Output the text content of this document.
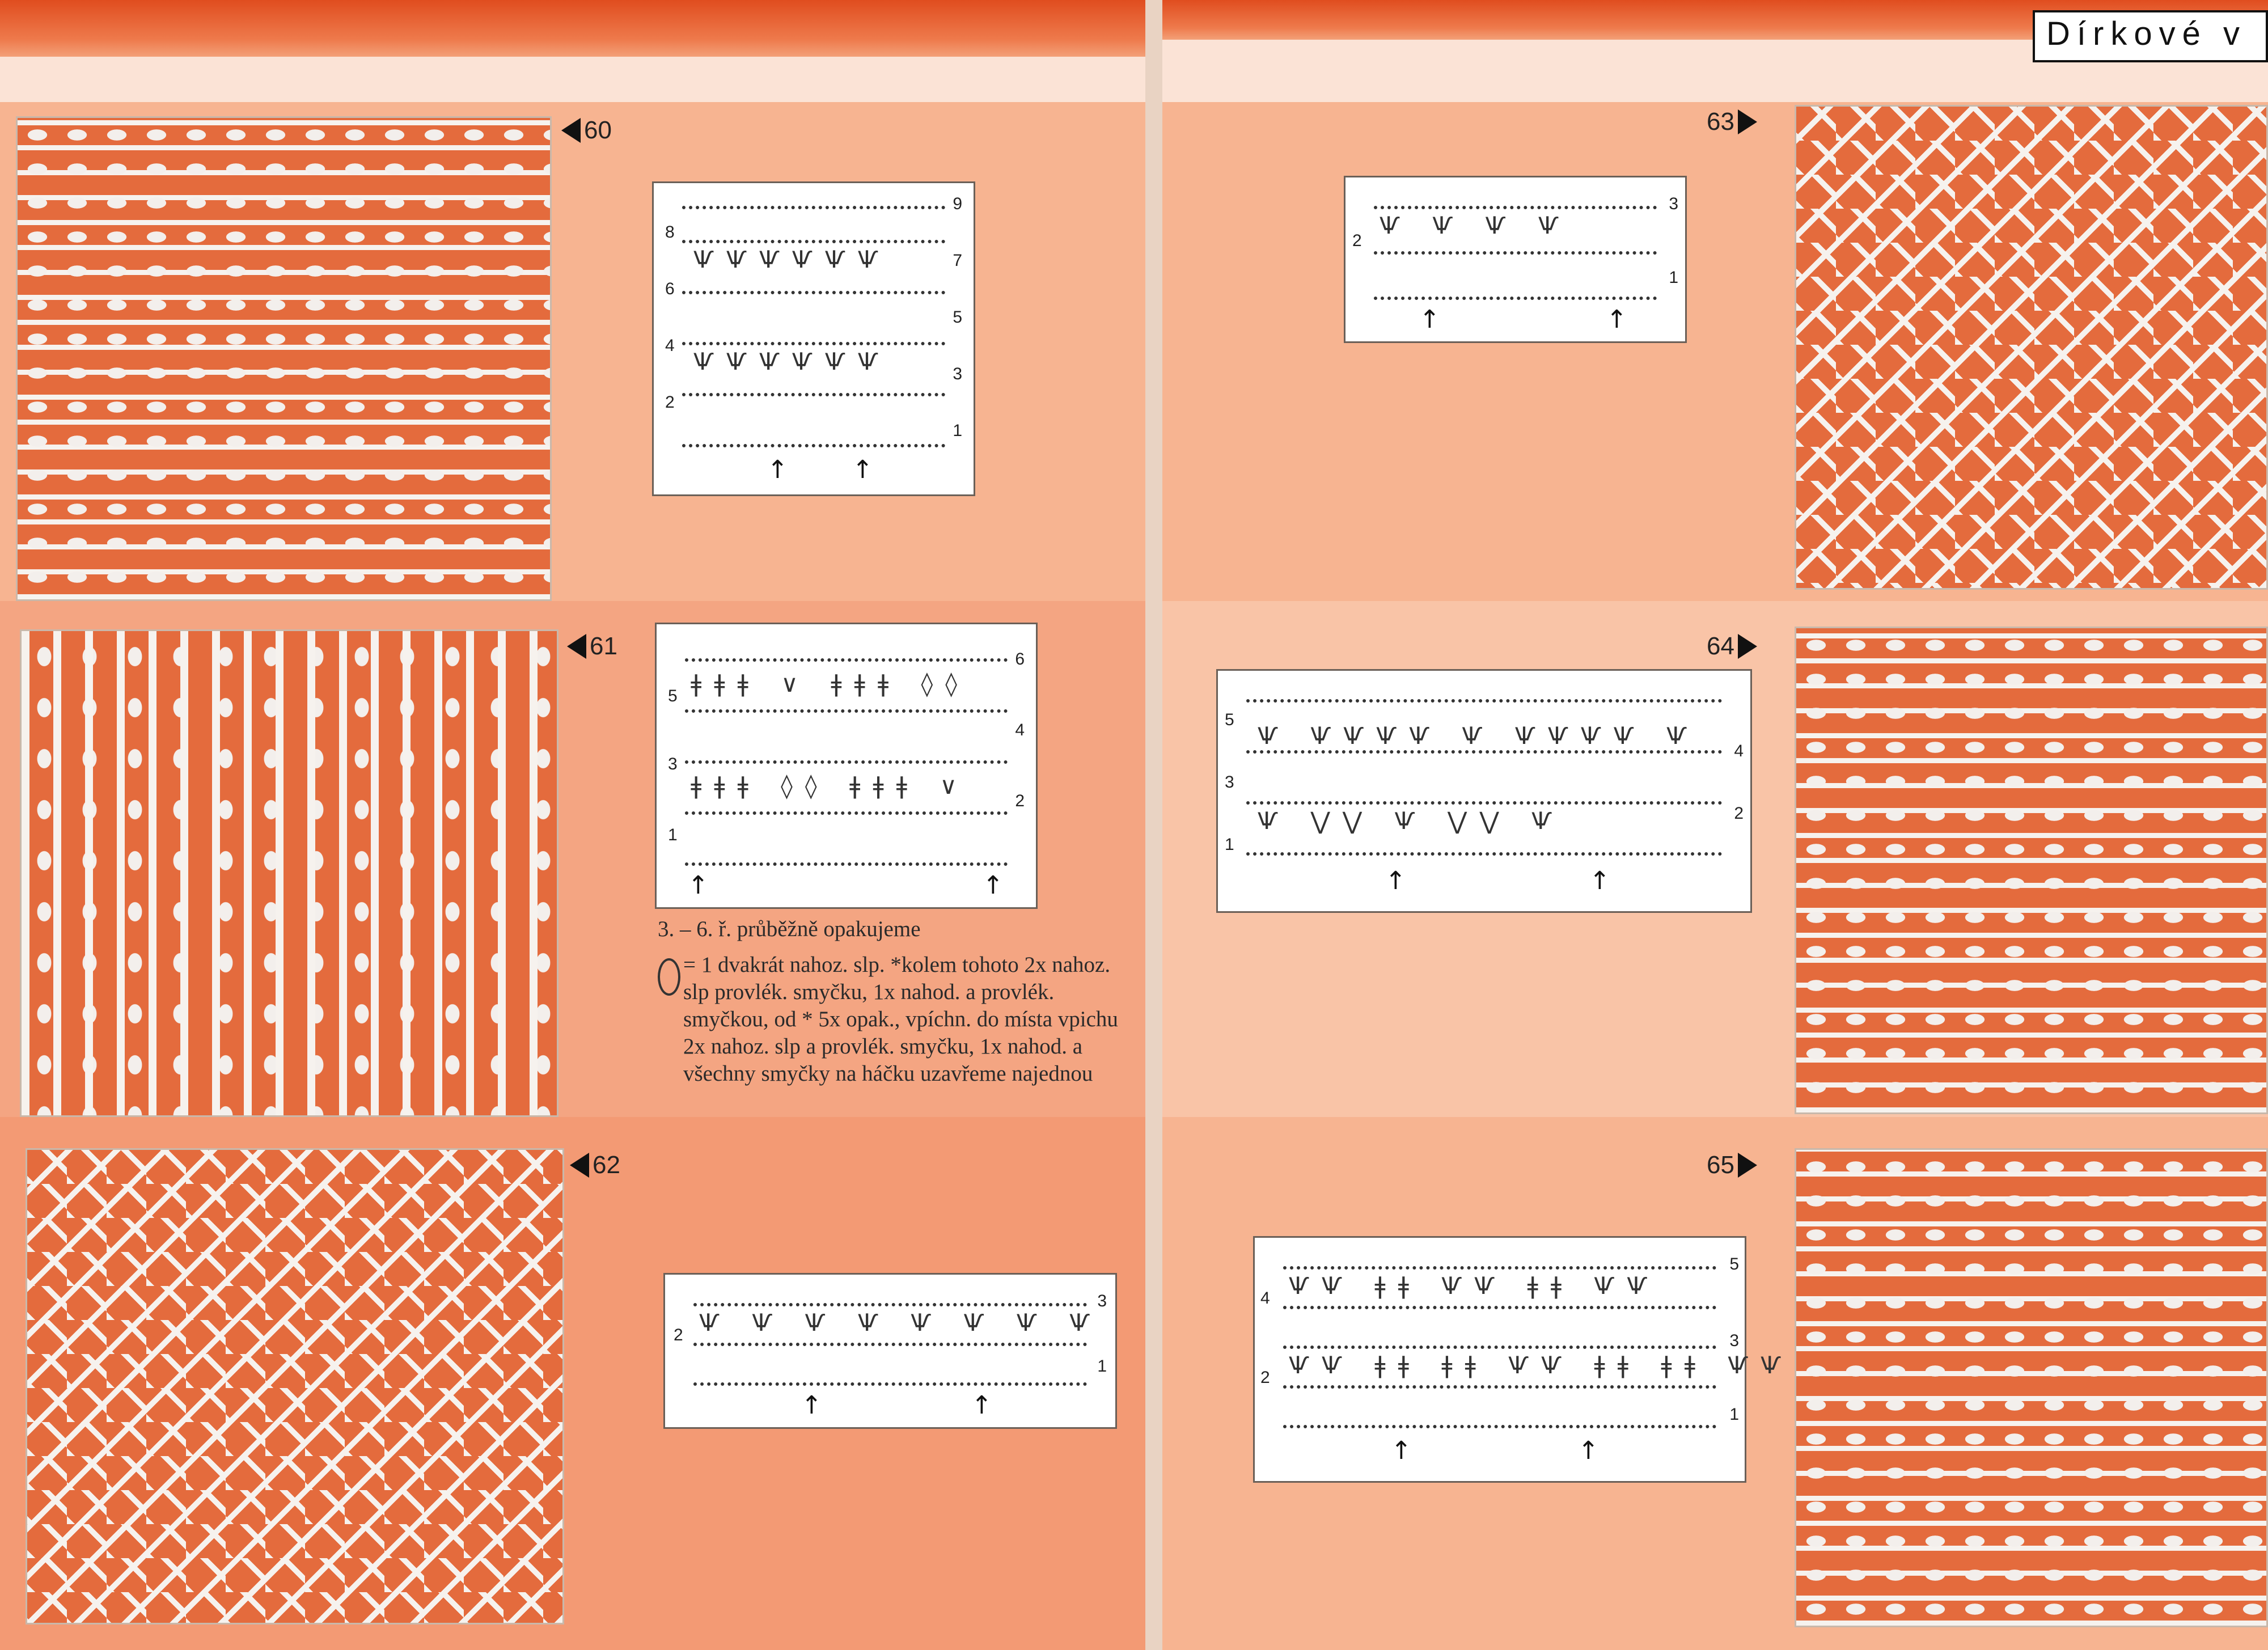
Dírkové v
60
ѰѰѰѰѰѰ
ѰѰѰѰѰѰ
8
6
4
2
9
7
5
3
1
↑	↑
61
ǂǂǂ ∨ ǂǂǂ ◊◊
ǂǂǂ ◊◊ ǂǂǂ ∨
5
3
1
6
4
2
↑	↑
3. – 6. ř. průběžně opakujeme
= 1 dvakrát nahoz. slp. *kolem tohoto 2x nahoz. slp provlék. smyčku, 1x nahod. a provlék. smyčkou, od * 5x opak., vpíchn. do místa vpichu 2x nahoz. slp a provlék. smyčku, 1x nahod. a všechny smyčky na háčku uzavřeme najednou
62
Ѱ Ѱ Ѱ Ѱ Ѱ Ѱ Ѱ Ѱ
2
3
1
↑	↑
63
Ѱ Ѱ Ѱ Ѱ
2
3
1
↑	↑
64
Ѱ ѰѰѰѰ Ѱ ѰѰѰѰ Ѱ
Ѱ ⋁⋁ Ѱ ⋁⋁ Ѱ
5
3
1
4
2
↑	↑
65
ѰѰ ǂǂ ѰѰ ǂǂ ѰѰ
ѰѰ ǂǂ ǂǂ ѰѰ ǂǂ ǂǂ ѰѰ
4
2
5
3
1
↑	↑
